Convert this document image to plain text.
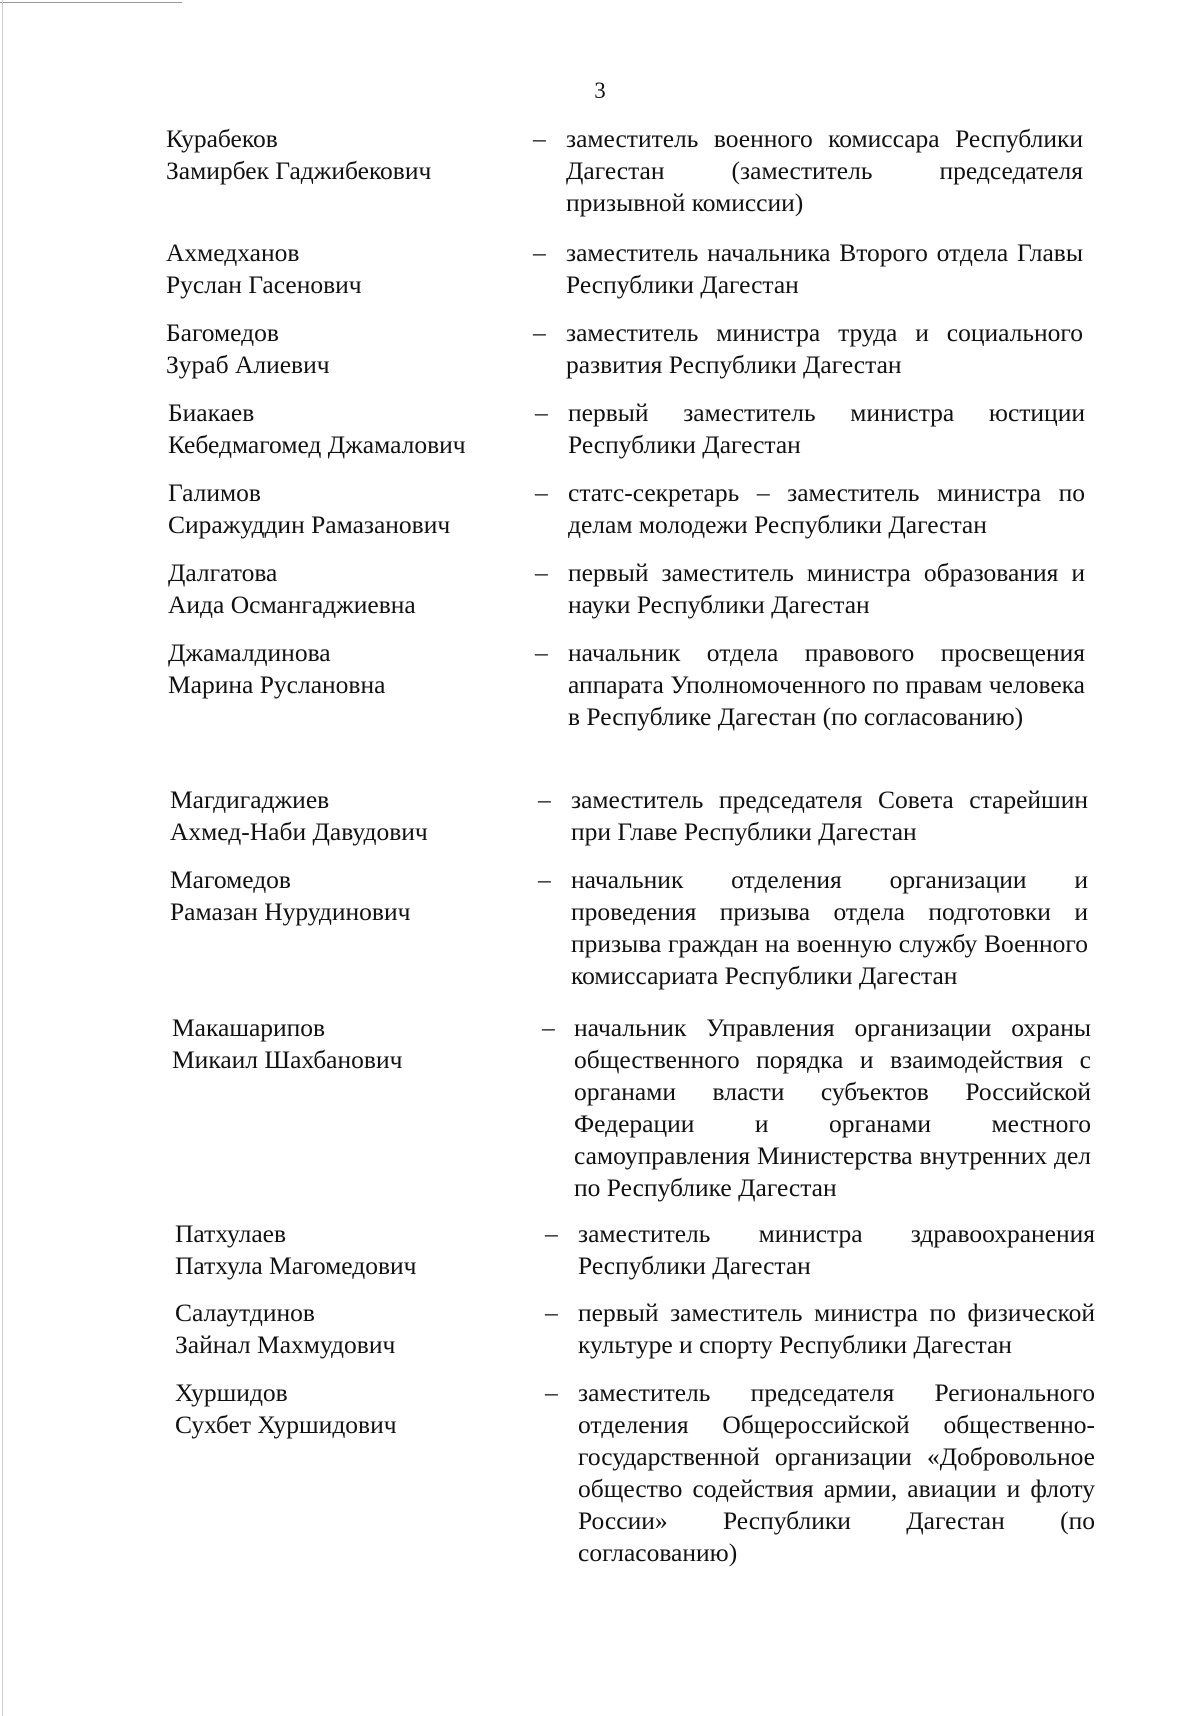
3
Курабеков
Замирбек Гаджибекович
– заместитель военного комиссара Республики Дагестан (заместитель председателя призывной комиссии)
Ахмедханов
Руслан Гасенович
– заместитель начальника Второго отдела Главы Республики Дагестан
Багомедов
Зураб Алиевич
– заместитель министра труда и социального развития Республики Дагестан
Биакаев
Кебедмагомед Джамалович
– первый заместитель министра юстиции Республики Дагестан
Галимов
Сиражуддин Рамазанович
– статс-секретарь – заместитель министра по делам молодежи Республики Дагестан
Далгатова
Аида Османгаджиевна
– первый заместитель министра образования и науки Республики Дагестан
Джамалдинова
Марина Руслановна
– начальник отдела правового просвещения аппарата Уполномоченного по правам человека в Республике Дагестан (по согласованию)
Магдигаджиев
Ахмед-Наби Давудович
– заместитель председателя Совета старейшин при Главе Республики Дагестан
Магомедов
Рамазан Нурудинович
– начальник отделения организации и проведения призыва отдела подготовки и призыва граждан на военную службу Военного комиссариата Республики Дагестан
Макашарипов
Микаил Шахбанович
– начальник Управления организации охраны общественного порядка и взаимодействия с органами власти субъектов Российской Федерации и органами местного самоуправления Министерства внутренних дел по Республике Дагестан
Патхулаев
Патхула Магомедович
– заместитель министра здравоохранения Республики Дагестан
Салаутдинов
Зайнал Махмудович
– первый заместитель министра по физической культуре и спорту Республики Дагестан
Хуршидов
Сухбет Хуршидович
– заместитель председателя Регионального отделения Общероссийской общественно-государственной организации «Добровольное общество содействия армии, авиации и флоту России» Республики Дагестан (по согласованию)
